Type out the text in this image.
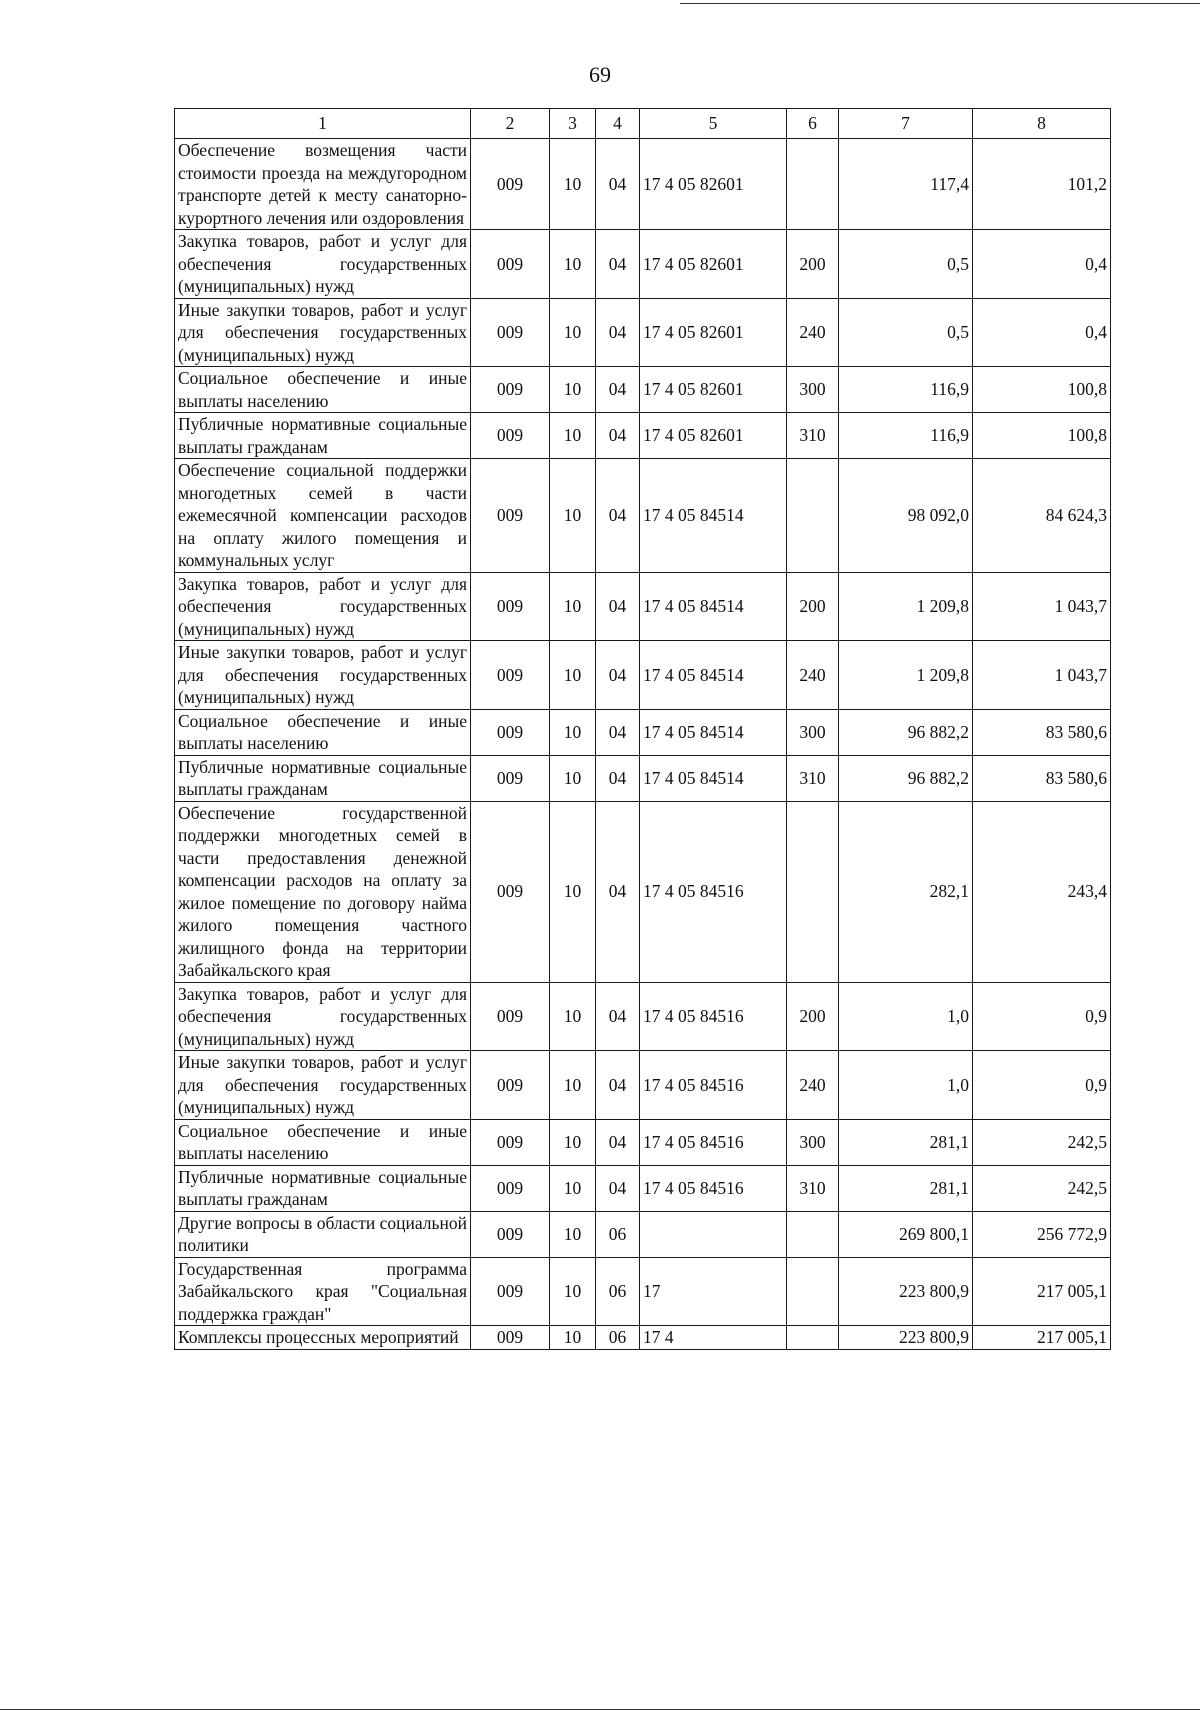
69
1	2	3	4	5	6	7	8
Обеспечение возмещения части стоимости проезда на междугородном транспорте детей к месту санаторно-курортного лечения или оздоровления	009	10	04	17 4 05 82601		117,4	101,2
Закупка товаров, работ и услуг для обеспечения государственных (муниципальных) нужд	009	10	04	17 4 05 82601	200	0,5	0,4
Иные закупки товаров, работ и услуг для обеспечения государственных (муниципальных) нужд	009	10	04	17 4 05 82601	240	0,5	0,4
Социальное обеспечение и иные выплаты населению	009	10	04	17 4 05 82601	300	116,9	100,8
Публичные нормативные социальные выплаты гражданам	009	10	04	17 4 05 82601	310	116,9	100,8
Обеспечение социальной поддержки многодетных семей в части ежемесячной компенсации расходов на оплату жилого помещения и коммунальных услуг	009	10	04	17 4 05 84514		98 092,0	84 624,3
Закупка товаров, работ и услуг для обеспечения государственных (муниципальных) нужд	009	10	04	17 4 05 84514	200	1 209,8	1 043,7
Иные закупки товаров, работ и услуг для обеспечения государственных (муниципальных) нужд	009	10	04	17 4 05 84514	240	1 209,8	1 043,7
Социальное обеспечение и иные выплаты населению	009	10	04	17 4 05 84514	300	96 882,2	83 580,6
Публичные нормативные социальные выплаты гражданам	009	10	04	17 4 05 84514	310	96 882,2	83 580,6
Обеспечение государственной поддержки многодетных семей в части предоставления денежной компенсации расходов на оплату за жилое помещение по договору найма жилого помещения частного жилищного фонда на территории Забайкальского края	009	10	04	17 4 05 84516		282,1	243,4
Закупка товаров, работ и услуг для обеспечения государственных (муниципальных) нужд	009	10	04	17 4 05 84516	200	1,0	0,9
Иные закупки товаров, работ и услуг для обеспечения государственных (муниципальных) нужд	009	10	04	17 4 05 84516	240	1,0	0,9
Социальное обеспечение и иные выплаты населению	009	10	04	17 4 05 84516	300	281,1	242,5
Публичные нормативные социальные выплаты гражданам	009	10	04	17 4 05 84516	310	281,1	242,5
Другие вопросы в области социальной политики	009	10	06			269 800,1	256 772,9
Государственная программа Забайкальского края "Социальная поддержка граждан"	009	10	06	17		223 800,9	217 005,1
Комплексы процессных мероприятий	009	10	06	17 4		223 800,9	217 005,1
